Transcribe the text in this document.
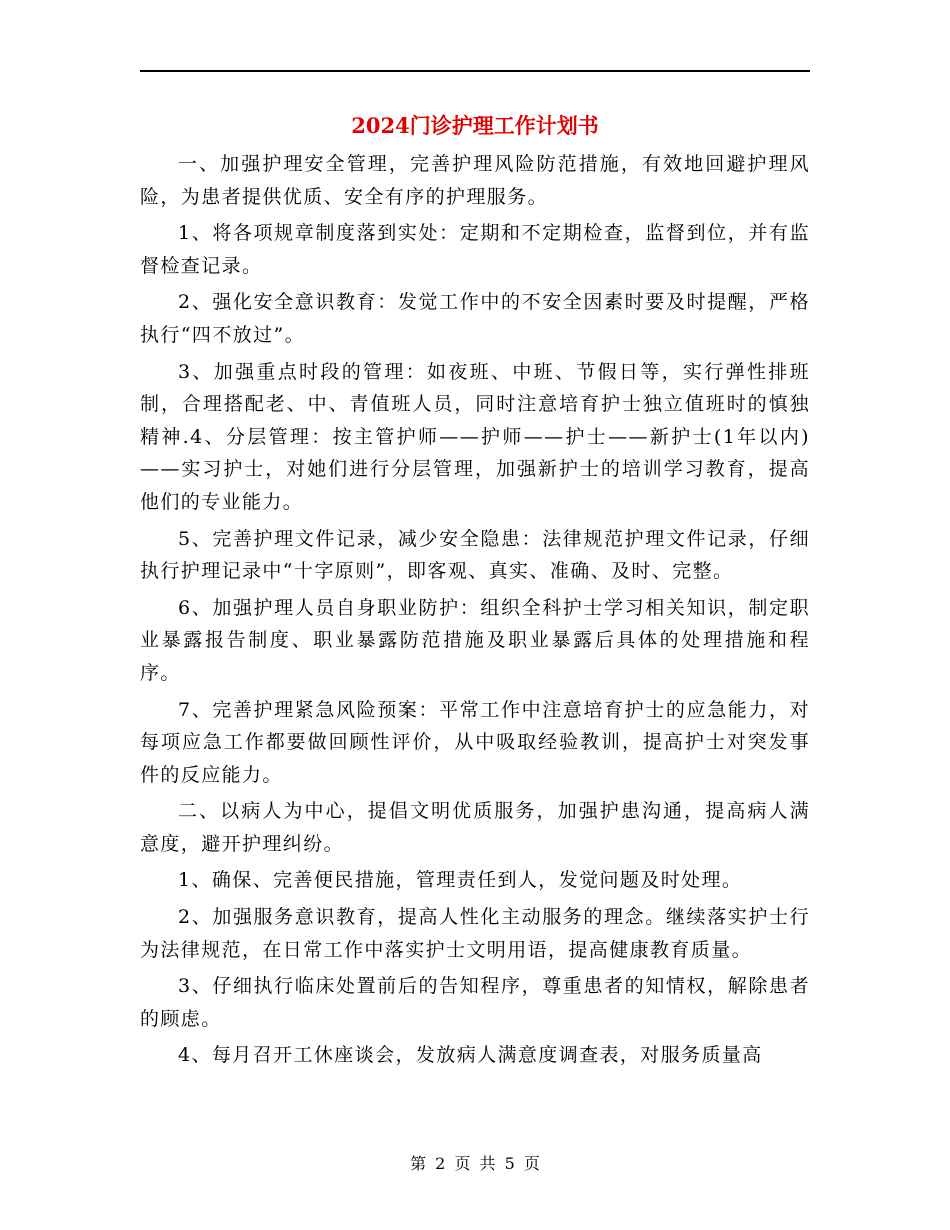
2024门诊护理工作计划书

一、加强护理安全管理，完善护理风险防范措施，有效地回避护理风险，为患者提供优质、安全有序的护理服务。

1、将各项规章制度落到实处：定期和不定期检查，监督到位，并有监督检查记录。

2、强化安全意识教育：发觉工作中的不安全因素时要及时提醒，严格执行“四不放过”。

3、加强重点时段的管理：如夜班、中班、节假日等，实行弹性排班制，合理搭配老、中、青值班人员，同时注意培育护士独立值班时的慎独精神.4、分层管理：按主管护师——护师——护士——新护士(1年以内)——实习护士，对她们进行分层管理，加强新护士的培训学习教育，提高他们的专业能力。

5、完善护理文件记录，减少安全隐患：法律规范护理文件记录，仔细执行护理记录中“十字原则”，即客观、真实、准确、及时、完整。

6、加强护理人员自身职业防护：组织全科护士学习相关知识，制定职业暴露报告制度、职业暴露防范措施及职业暴露后具体的处理措施和程序。

7、完善护理紧急风险预案：平常工作中注意培育护士的应急能力，对每项应急工作都要做回顾性评价，从中吸取经验教训，提高护士对突发事件的反应能力。

二、以病人为中心，提倡文明优质服务，加强护患沟通，提高病人满意度，避开护理纠纷。

1、确保、完善便民措施，管理责任到人，发觉问题及时处理。

2、加强服务意识教育，提高人性化主动服务的理念。继续落实护士行为法律规范，在日常工作中落实护士文明用语，提高健康教育质量。

3、仔细执行临床处置前后的告知程序，尊重患者的知情权，解除患者的顾虑。

4、每月召开工休座谈会，发放病人满意度调查表，对服务质量高

第 2 页 共 5 页
